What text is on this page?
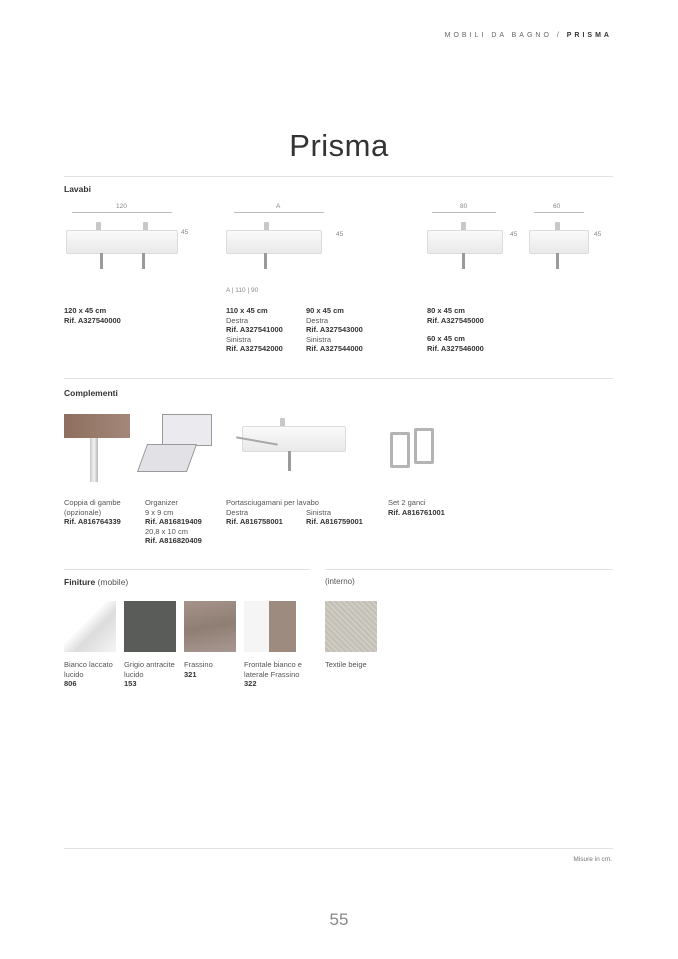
MOBILI DA BAGNO / PRISMA
Prisma
Lavabi
120
45
A
45
A | 110 | 90
80
45
60
45
120 x 45 cm
Rif. A327540000
110 x 45 cm
Destra
Rif. A327541000
Sinistra
Rif. A327542000
90 x 45 cm
Destra
Rif. A327543000
Sinistra
Rif. A327544000
80 x 45 cm
Rif. A327545000
60 x 45 cm
Rif. A327546000
Complementi
Coppia di gambe
(opzionale)
Rif. A816764339
Organizer
9 x 9 cm
Rif. A816819409
20,8 x 10 cm
Rif. A816820409
Portasciugamani per lavabo
Destra
Rif. A816758001
Sinistra
Rif. A816759001
Set 2 ganci
Rif. A816761001
Finiture (mobile)	(interno)
Bianco laccato
lucido
806
Grigio antracite
lucido
153
Frassino
321
Frontale bianco e
laterale Frassino
322
Textile beige
Misure in cm.
55
